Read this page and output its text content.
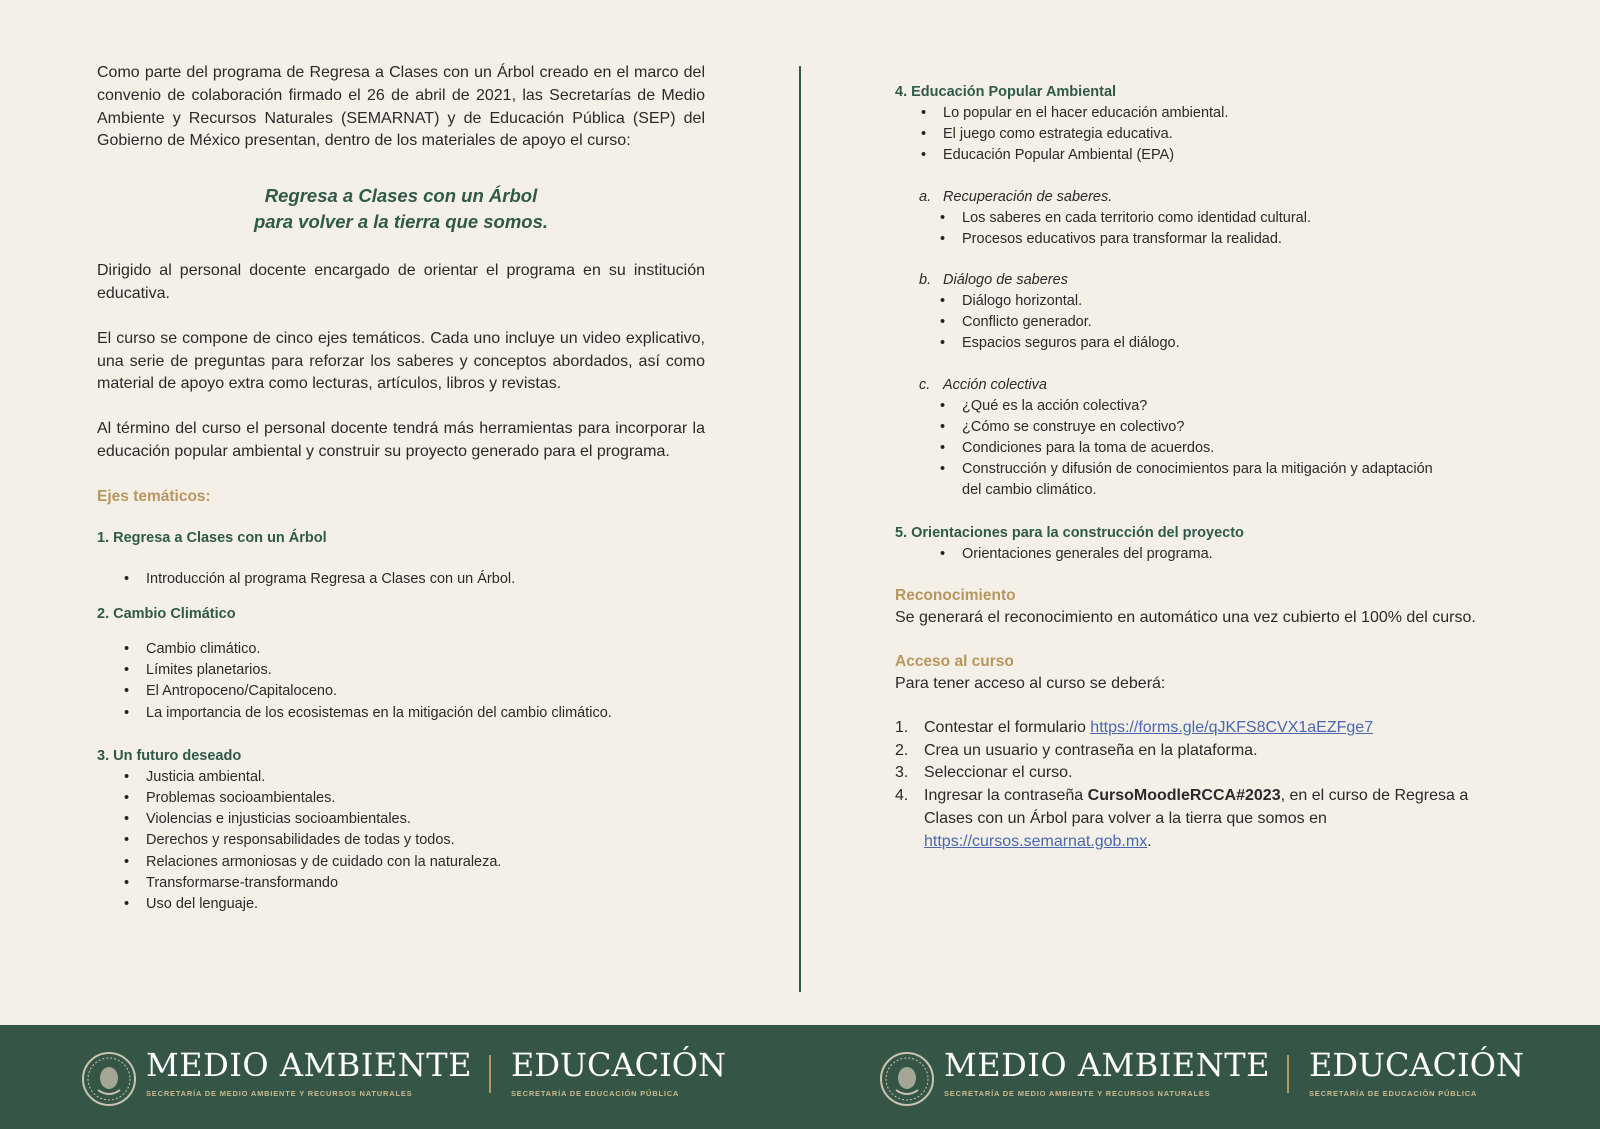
Como parte del programa de Regresa a Clases con un Árbol creado en el marco del convenio de colaboración firmado el 26 de abril de 2021, las Secretarías de Medio Ambiente y Recursos Naturales (SEMARNAT) y de Educación Pública (SEP) del Gobierno de México presentan, dentro de los materiales de apoyo el curso:

Regresa a Clases con un Árbol
para volver a la tierra que somos.

Dirigido al personal docente encargado de orientar el programa en su institución educativa.

El curso se compone de cinco ejes temáticos. Cada uno incluye un video explicativo, una serie de preguntas para reforzar los saberes y conceptos abordados, así como material de apoyo extra como lecturas, artículos, libros y revistas.

Al término del curso el personal docente tendrá más herramientas para incorporar la educación popular ambiental y construir su proyecto generado para el programa.

Ejes temáticos:
1. Regresa a Clases con un Árbol
• Introducción al programa Regresa a Clases con un Árbol.
2. Cambio Climático
• Cambio climático.
• Límites planetarios.
• El Antropoceno/Capitaloceno.
• La importancia de los ecosistemas en la mitigación del cambio climático.
3. Un futuro deseado
• Justicia ambiental.
• Problemas socioambientales.
• Violencias e injusticias socioambientales.
• Derechos y responsabilidades de todas y todos.
• Relaciones armoniosas y de cuidado con la naturaleza.
• Transformarse-transformando
• Uso del lenguaje.
4. Educación Popular Ambiental
• Lo popular en el hacer educación ambiental.
• El juego como estrategia educativa.
• Educación Popular Ambiental (EPA)
a. Recuperación de saberes.
• Los saberes en cada territorio como identidad cultural.
• Procesos educativos para transformar la realidad.
b. Diálogo de saberes
• Diálogo horizontal.
• Conflicto generador.
• Espacios seguros para el diálogo.
c. Acción colectiva
• ¿Qué es la acción colectiva?
• ¿Cómo se construye en colectivo?
• Condiciones para la toma de acuerdos.
• Construcción y difusión de conocimientos para la mitigación y adaptación del cambio climático.
5. Orientaciones para la construcción del proyecto
• Orientaciones generales del programa.
Reconocimiento
Se generará el reconocimiento en automático una vez cubierto el 100% del curso.
Acceso al curso
Para tener acceso al curso se deberá:
1. Contestar el formulario https://forms.gle/qJKFS8CVX1aEZFge7
2. Crea un usuario y contraseña en la plataforma.
3. Seleccionar el curso.
4. Ingresar la contraseña CursoMoodleRCCA#2023, en el curso de Regresa a Clases con un Árbol para volver a la tierra que somos en https://cursos.semarnat.gob.mx.
MEDIO AMBIENTE
SECRETARÍA DE MEDIO AMBIENTE Y RECURSOS NATURALES
EDUCACIÓN
SECRETARÍA DE EDUCACIÓN PÚBLICA
MEDIO AMBIENTE
SECRETARÍA DE MEDIO AMBIENTE Y RECURSOS NATURALES
EDUCACIÓN
SECRETARÍA DE EDUCACIÓN PÚBLICA
